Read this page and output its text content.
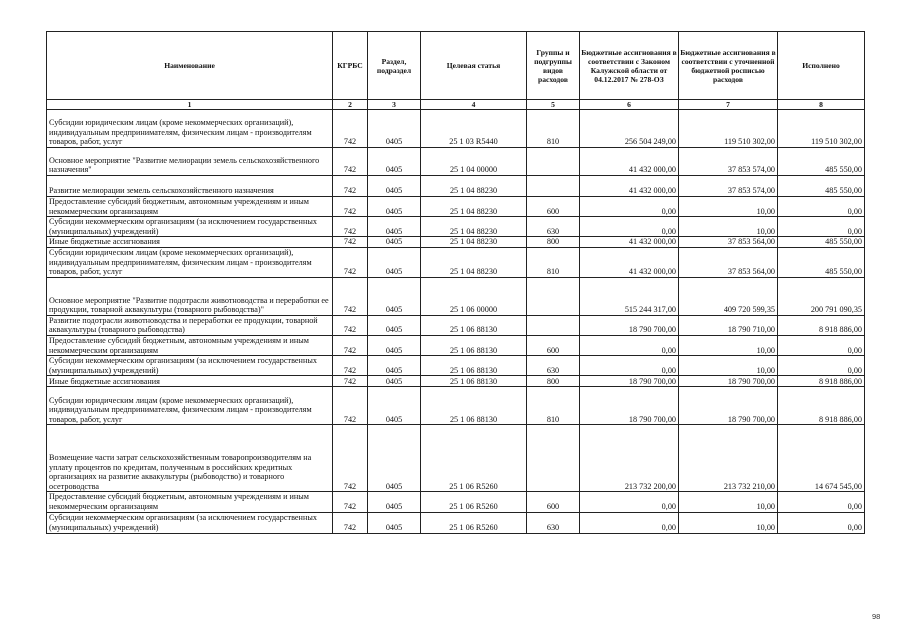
Наименование	КГРБС	Раздел, подраздел	Целевая статья	Группы и подгруппы видов расходов	Бюджетные ассигнования в соответствии с Законом Калужской области от 04.12.2017 № 278-ОЗ	Бюджетные ассигнования в соответствии с уточненной бюджетной росписью расходов	Исполнено
1	2	3	4	5	6	7	8
Субсидии юридическим лицам (кроме некоммерческих организаций), индивидуальным предпринимателям, физическим лицам - производителям товаров, работ, услуг	742	0405	25 1 03 R5440	810	256 504 249,00	119 510 302,00	119 510 302,00
Основное мероприятие "Развитие мелиорации земель сельскохозяйственного назначения"	742	0405	25 1 04 00000		41 432 000,00	37 853 574,00	485 550,00
Развитие мелиорации земель сельскохозяйственного назначения	742	0405	25 1 04 88230		41 432 000,00	37 853 574,00	485 550,00
Предоставление субсидий бюджетным, автономным учреждениям и иным некоммерческим организациям	742	0405	25 1 04 88230	600	0,00	10,00	0,00
Субсидии некоммерческим организациям (за исключением государственных (муниципальных) учреждений)	742	0405	25 1 04 88230	630	0,00	10,00	0,00
Иные бюджетные ассигнования	742	0405	25 1 04 88230	800	41 432 000,00	37 853 564,00	485 550,00
Субсидии юридическим лицам (кроме некоммерческих организаций), индивидуальным предпринимателям, физическим лицам - производителям товаров, работ, услуг	742	0405	25 1 04 88230	810	41 432 000,00	37 853 564,00	485 550,00
Основное мероприятие "Развитие подотрасли животноводства и переработки ее продукции, товарной аквакультуры (товарного рыбоводства)"	742	0405	25 1 06 00000		515 244 317,00	409 720 599,35	200 791 090,35
Развитие подотрасли животноводства и переработки ее продукции, товарной аквакультуры (товарного рыбоводства)	742	0405	25 1 06 88130		18 790 700,00	18 790 710,00	8 918 886,00
Предоставление субсидий бюджетным, автономным учреждениям и иным некоммерческим организациям	742	0405	25 1 06 88130	600	0,00	10,00	0,00
Субсидии некоммерческим организациям (за исключением государственных (муниципальных) учреждений)	742	0405	25 1 06 88130	630	0,00	10,00	0,00
Иные бюджетные ассигнования	742	0405	25 1 06 88130	800	18 790 700,00	18 790 700,00	8 918 886,00
Субсидии юридическим лицам (кроме некоммерческих организаций), индивидуальным предпринимателям, физическим лицам - производителям товаров, работ, услуг	742	0405	25 1 06 88130	810	18 790 700,00	18 790 700,00	8 918 886,00
Возмещение части затрат сельскохозяйственным товаропроизводителям на уплату процентов по кредитам, полученным в российских кредитных организациях на развитие аквакультуры (рыбоводство) и товарного осетроводства	742	0405	25 1 06 R5260		213 732 200,00	213 732 210,00	14 674 545,00
Предоставление субсидий бюджетным, автономным учреждениям и иным некоммерческим организациям	742	0405	25 1 06 R5260	600	0,00	10,00	0,00
Субсидии некоммерческим организациям (за исключением государственных (муниципальных) учреждений)	742	0405	25 1 06 R5260	630	0,00	10,00	0,00
98
